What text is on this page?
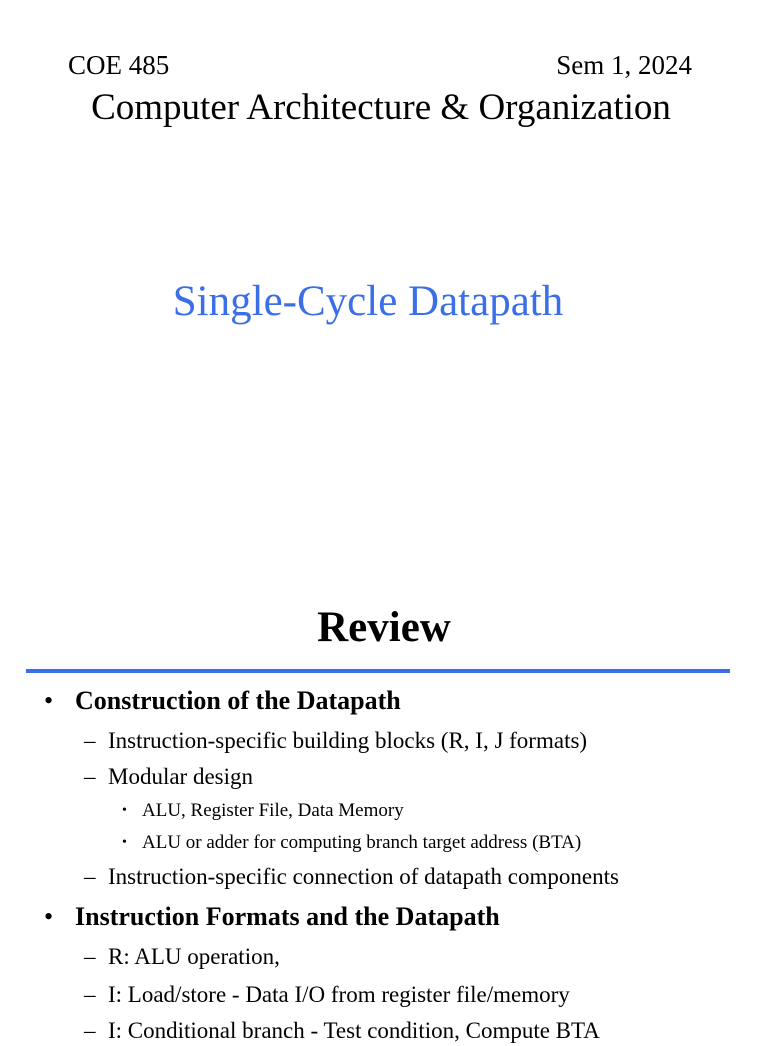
COE 485	Sem 1, 2024
Computer Architecture & Organization
Single-Cycle Datapath
Review
• Construction of the Datapath
– Instruction-specific building blocks (R, I, J formats)
– Modular design
• ALU, Register File, Data Memory
• ALU or adder for computing branch target address (BTA)
– Instruction-specific connection of datapath components
• Instruction Formats and the Datapath
– R: ALU operation,
– I: Load/store - Data I/O from register file/memory
– I: Conditional branch - Test condition, Compute BTA
